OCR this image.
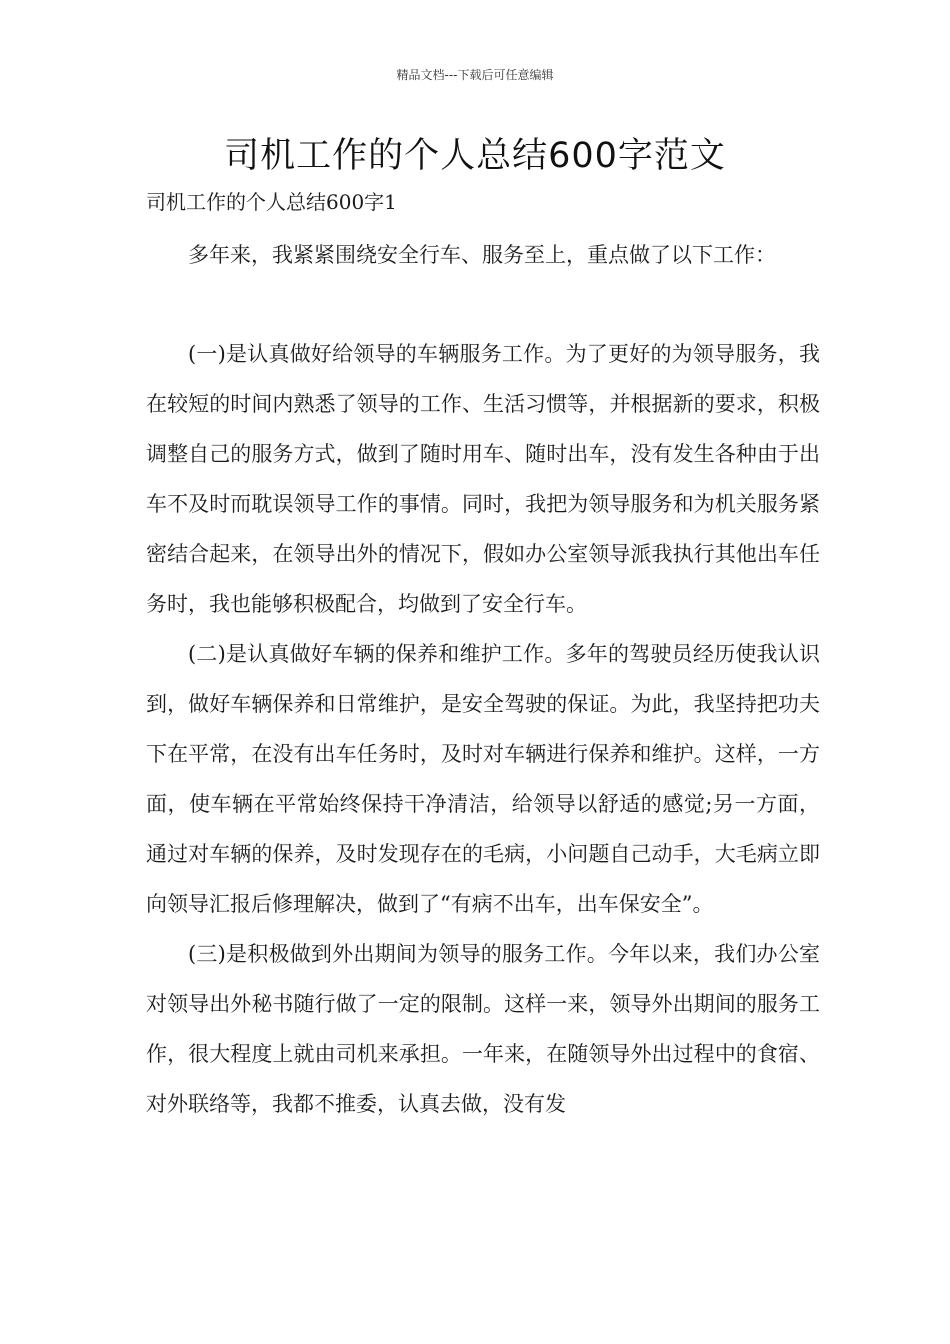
精品文档---下载后可任意编辑
司机工作的个人总结600字范文
司机工作的个人总结600字1

多年来，我紧紧围绕安全行车、服务至上，重点做了以下工作：

(一)是认真做好给领导的车辆服务工作。为了更好的为领导服务，我在较短的时间内熟悉了领导的工作、生活习惯等，并根据新的要求，积极调整自己的服务方式，做到了随时用车、随时出车，没有发生各种由于出车不及时而耽误领导工作的事情。同时，我把为领导服务和为机关服务紧密结合起来，在领导出外的情况下，假如办公室领导派我执行其他出车任务时，我也能够积极配合，均做到了安全行车。

(二)是认真做好车辆的保养和维护工作。多年的驾驶员经历使我认识到，做好车辆保养和日常维护，是安全驾驶的保证。为此，我坚持把功夫下在平常，在没有出车任务时，及时对车辆进行保养和维护。这样，一方面，使车辆在平常始终保持干净清洁，给领导以舒适的感觉;另一方面，通过对车辆的保养，及时发现存在的毛病，小问题自己动手，大毛病立即向领导汇报后修理解决，做到了“有病不出车，出车保安全”。

(三)是积极做到外出期间为领导的服务工作。今年以来，我们办公室对领导出外秘书随行做了一定的限制。这样一来，领导外出期间的服务工作，很大程度上就由司机来承担。一年来，在随领导外出过程中的食宿、对外联络等，我都不推委，认真去做，没有发
